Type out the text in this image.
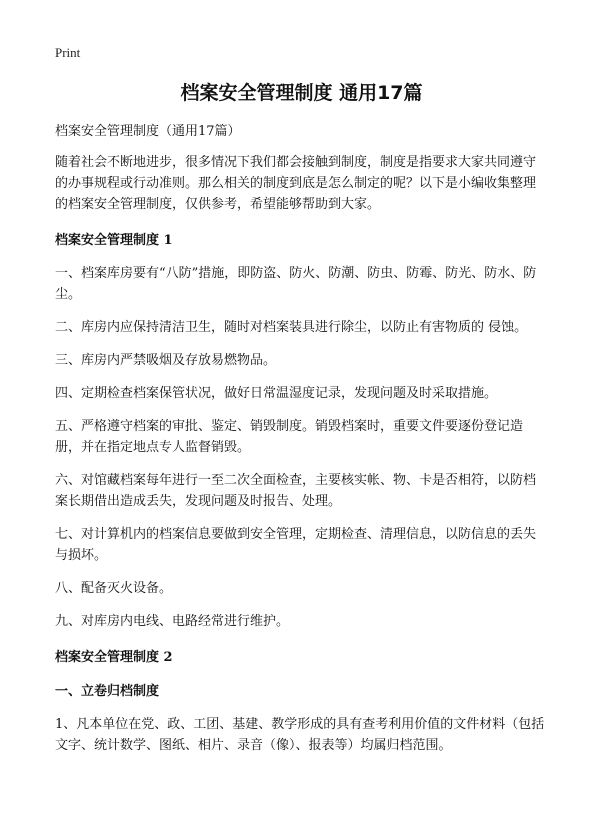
Print

档案安全管理制度 通用17篇

档案安全管理制度（通用17篇）

随着社会不断地进步，很多情况下我们都会接触到制度，制度是指要求大家共同遵守的办事规程或行动准则。那么相关的制度到底是怎么制定的呢？以下是小编收集整理的档案安全管理制度，仅供参考，希望能够帮助到大家。

档案安全管理制度 1

一、档案库房要有“八防”措施，即防盗、防火、防潮、防虫、防霉、防光、防水、防尘。

二、库房内应保持清洁卫生，随时对档案装具进行除尘，以防止有害物质的 侵蚀。

三、库房内严禁吸烟及存放易燃物品。

四、定期检查档案保管状况，做好日常温湿度记录，发现问题及时采取措施。

五、严格遵守档案的审批、鉴定、销毁制度。销毁档案时，重要文件要逐份登记造册，并在指定地点专人监督销毁。

六、对馆藏档案每年进行一至二次全面检查，主要核实帐、物、卡是否相符，以防档案长期借出造成丢失，发现问题及时报告、处理。

七、对计算机内的档案信息要做到安全管理，定期检查、清理信息，以防信息的丢失与损坏。

八、配备灭火设备。

九、对库房内电线、电路经常进行维护。

档案安全管理制度 2
一、立卷归档制度

1、凡本单位在党、政、工团、基建、教学形成的具有查考利用价值的文件材料（包括文字、统计数学、图纸、相片、录音（像）、报表等）均属归档范围。
